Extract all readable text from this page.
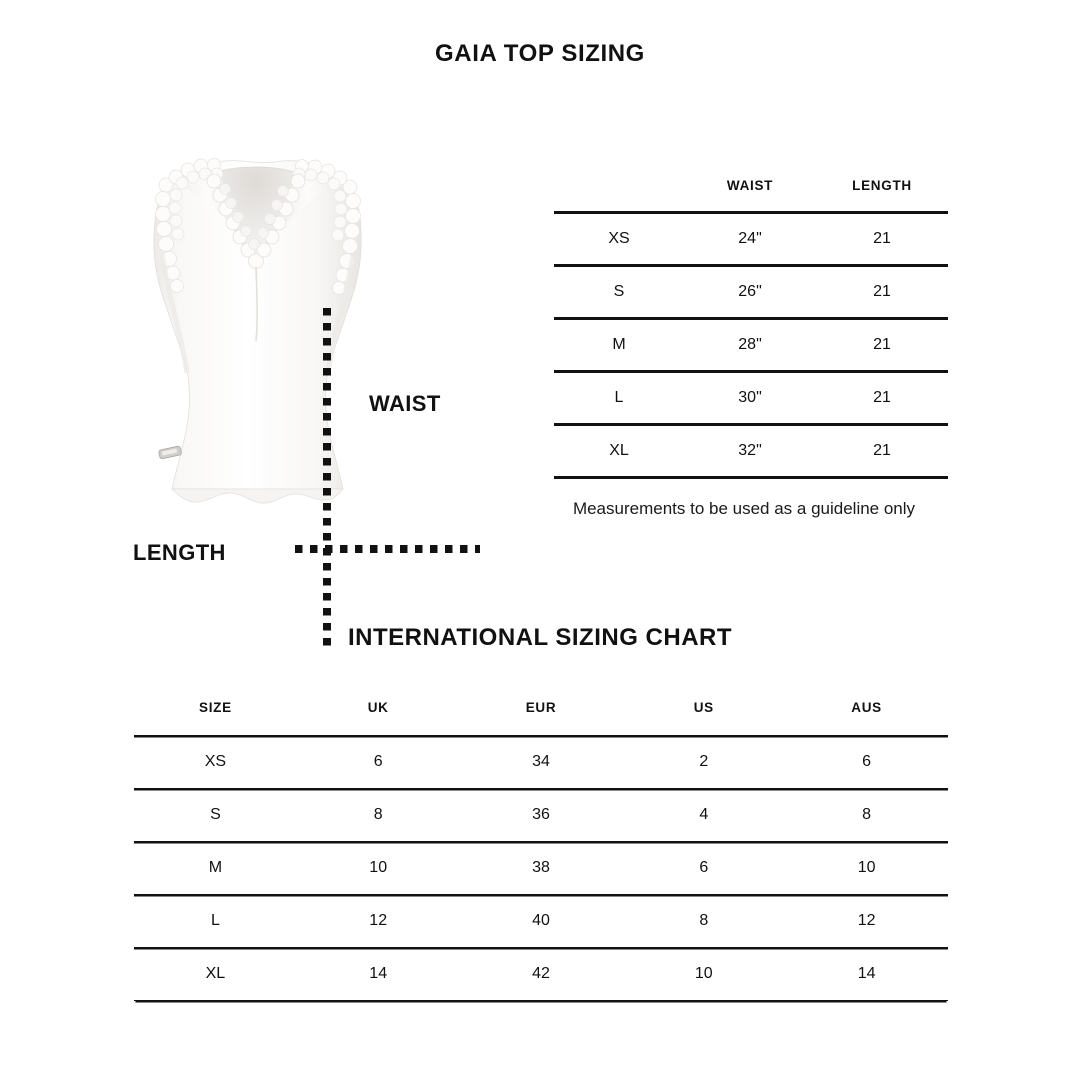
GAIA TOP SIZING
WAIST
LENGTH
	WAIST	LENGTH
XS	24"	21
S	26"	21
M	28"	21
L	30"	21
XL	32"	21
Measurements to be used as a guideline only
INTERNATIONAL SIZING CHART
SIZE	UK	EUR	US	AUS
XS	6	34	2	6
S	8	36	4	8
M	10	38	6	10
L	12	40	8	12
XL	14	42	10	14
